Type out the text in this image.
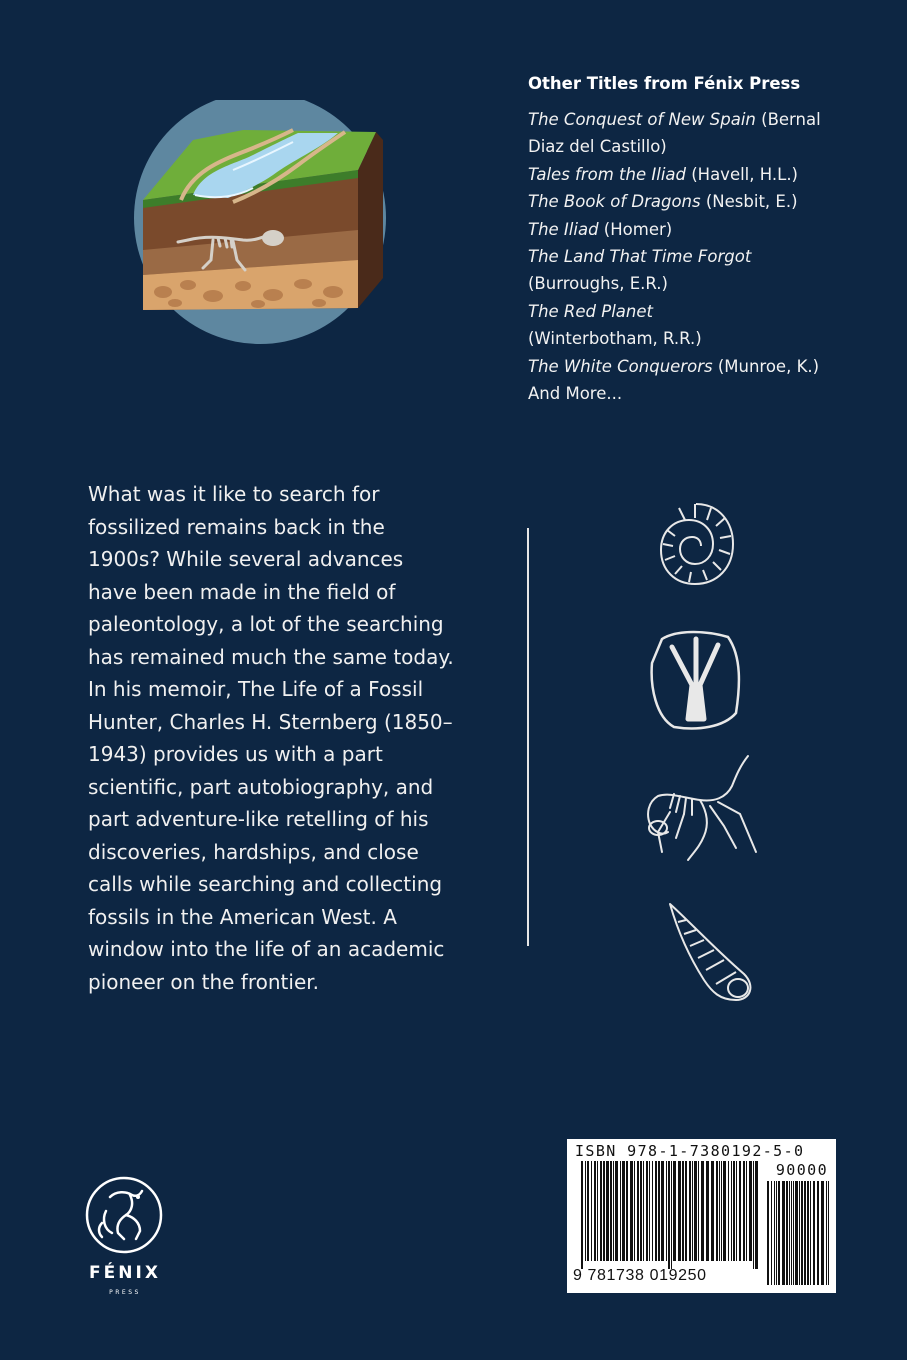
Other Titles from Fénix Press
The Conquest of New Spain (Bernal
Diaz del Castillo)
Tales from the Iliad (Havell, H.L.)
The Book of Dragons (Nesbit, E.)
The Iliad (Homer)
The Land That Time Forgot
(Burroughs, E.R.)
The Red Planet
(Winterbotham, R.R.)
The White Conquerors (Munroe, K.)
And More...
What was it like to search for fossilized remains back in the 1900s? While several advances have been made in the field of paleontology, a lot of the searching has remained much the same today. In his memoir, The Life of a Fossil Hunter, Charles H. Sternberg (1850–1943) provides us with a part scientific, part autobiography, and part adventure-like retelling of his discoveries, hardships, and close calls while searching and collecting fossils in the American West. A window into the life of an academic pioneer on the frontier.
ISBN 978-1-7380192-5-0
90000
9 781738 019250
FÉNIX
PRESS
